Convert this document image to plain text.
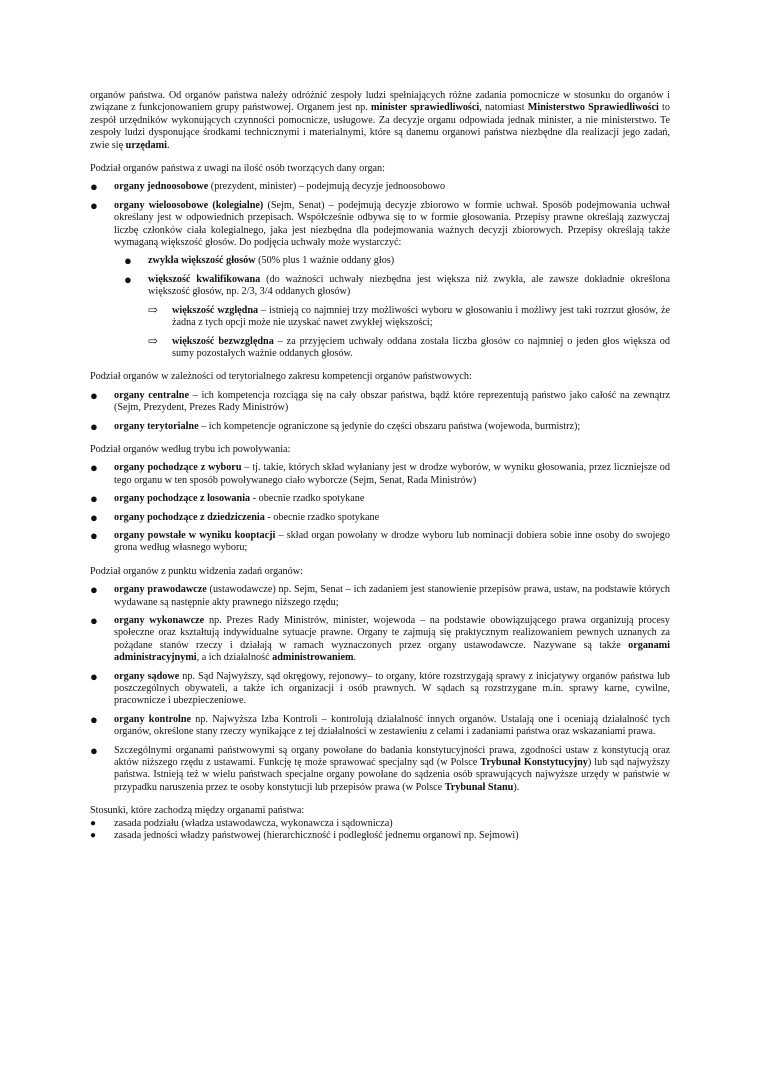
organów państwa. Od organów państwa należy odróżnić zespoły ludzi spełniających różne zadania pomocnicze w stosunku do organów i związane z funkcjonowaniem grupy państwowej. Organem jest np. minister sprawiedliwości, natomiast Ministerstwo Sprawiedliwości to zespół urzędników wykonujących czynności pomocnicze, usługowe. Za decyzje organu odpowiada jednak minister, a nie ministerstwo. Te zespoły ludzi dysponujące środkami technicznymi i materialnymi, które są danemu organowi państwa niezbędne dla realizacji jego zadań, zwie się urzędami.

Podział organów państwa z uwagi na ilość osób tworzących dany organ:

● organy jednoosobowe (prezydent, minister) – podejmują decyzje jednoosobowo
● organy wieloosobowe (kolegialne) (Sejm, Senat) – podejmują decyzje zbiorowo w formie uchwał. Sposób podejmowania uchwał określany jest w odpowiednich przepisach. Współcześnie odbywa się to w formie głosowania. Przepisy prawne określają zazwyczaj liczbę członków ciała kolegialnego, jaka jest niezbędna dla podejmowania ważnych decyzji zbiorowych. Przepisy określają także wymaganą większość głosów. Do podjęcia uchwały może wystarczyć:
● zwykła większość głosów (50% plus 1 ważnie oddany głos)
● większość kwalifikowana (do ważności uchwały niezbędna jest większa niż zwykła, ale zawsze dokładnie określona większość głosów, np. 2/3, 3/4 oddanych głosów)
⇨ większość względna – istnieją co najmniej trzy możliwości wyboru w głosowaniu i możliwy jest taki rozrzut głosów, że żadna z tych opcji może nie uzyskać nawet zwykłej większości;
⇨ większość bezwzględna – za przyjęciem uchwały oddana została liczba głosów co najmniej o jeden głos większa od sumy pozostałych ważnie oddanych głosów.

Podział organów w zależności od terytorialnego zakresu kompetencji organów państwowych:

● organy centralne – ich kompetencja rozciąga się na cały obszar państwa, bądź które reprezentują państwo jako całość na zewnątrz (Sejm, Prezydent, Prezes Rady Ministrów)
● organy terytorialne – ich kompetencje ograniczone są jedynie do części obszaru państwa (wojewoda, burmistrz);

Podział organów według trybu ich powoływania:

● organy pochodzące z wyboru – tj. takie, których skład wyłaniany jest w drodze wyborów, w wyniku głosowania, przez liczniejsze od tego organu w ten sposób powoływanego ciało wyborcze (Sejm, Senat, Rada Ministrów)
● organy pochodzące z losowania - obecnie rzadko spotykane
● organy pochodzące z dziedziczenia - obecnie rzadko spotykane
● organy powstałe w wyniku kooptacji – skład organ powołany w drodze wyboru lub nominacji dobiera sobie inne osoby do swojego grona według własnego wyboru;

Podział organów z punktu widzenia zadań organów:

● organy prawodawcze (ustawodawcze) np. Sejm, Senat – ich zadaniem jest stanowienie przepisów prawa, ustaw, na podstawie których wydawane są następnie akty prawnego niższego rzędu;
● organy wykonawcze np. Prezes Rady Ministrów, minister, wojewoda – na podstawie obowiązującego prawa organizują procesy społeczne oraz kształtują indywidualne sytuacje prawne. Organy te zajmują się praktycznym realizowaniem pewnych uznanych za pożądane stanów rzeczy i działają w ramach wyznaczonych przez organy ustawodawcze. Nazywane są także organami administracyjnymi, a ich działalność administrowaniem.
● organy sądowe np. Sąd Najwyższy, sąd okręgowy, rejonowy– to organy, które rozstrzygają sprawy z inicjatywy organów państwa lub poszczególnych obywateli, a także ich organizacji i osób prawnych. W sądach są rozstrzygane m.in. sprawy karne, cywilne, pracownicze i ubezpieczeniowe.
● organy kontrolne np. Najwyższa Izba Kontroli – kontrolują działalność innych organów. Ustalają one i oceniają działalność tych organów, określone stany rzeczy wynikające z tej działalności w zestawieniu z celami i zadaniami państwa oraz wskazaniami prawa.
● Szczególnymi organami państwowymi są organy powołane do badania konstytucyjności prawa, zgodności ustaw z konstytucją oraz aktów niższego rzędu z ustawami. Funkcję tę może sprawować specjalny sąd (w Polsce Trybunał Konstytucyjny) lub sąd najwyższy państwa. Istnieją też w wielu państwach specjalne organy powołane do sądzenia osób sprawujących najwyższe urzędy w państwie w przypadku naruszenia przez te osoby konstytucji lub przepisów prawa (w Polsce Trybunał Stanu).

Stosunki, które zachodzą między organami państwa:

● zasada podziału (władza ustawodawcza, wykonawcza i sądownicza)
● zasada jedności władzy państwowej (hierarchiczność i podległość jednemu organowi np. Sejmowi)
